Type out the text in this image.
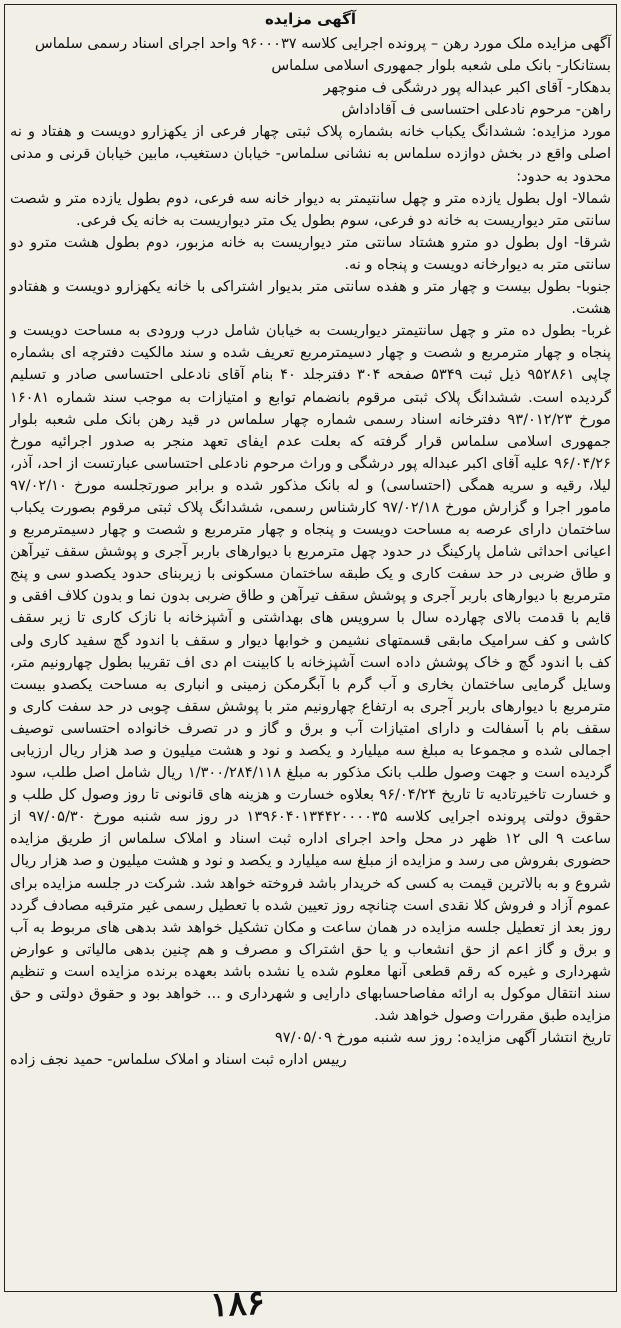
آگهی مزایده

آگهی مزایده ملک مورد رهن – پرونده اجرایی کلاسه ۹۶۰۰۰۳۷ واحد اجرای اسناد رسمی سلماس

بستانکار- بانک ملی شعبه بلوار جمهوری اسلامی سلماس

بدهکار- آقای اکبر عبداله پور درشگی ف منوچهر

راهن- مرحوم نادعلی احتساسی ف آقاداداش

مورد مزایده: ششدانگ یکباب خانه بشماره پلاک ثبتی چهار فرعی از یکهزارو دویست و هفتاد و نه اصلی واقع در بخش دوازده سلماس به نشانی سلماس- خیابان دستغیب، مابین خیابان قرنی و مدنی محدود به حدود:

شمالا- اول بطول یازده متر و چهل سانتیمتر به دیوار خانه سه فرعی، دوم بطول یازده متر و شصت سانتی متر دیواریست به خانه دو فرعی، سوم بطول یک متر دیواریست به خانه یک فرعی.

شرقا- اول بطول دو مترو هشتاد سانتی متر دیواریست به خانه مزبور، دوم بطول هشت مترو دو سانتی متر به دیوارخانه دویست و پنجاه و نه.

جنوبا- بطول بیست و چهار متر و هفده سانتی متر بدیوار اشتراکی با خانه یکهزارو دویست و هفتادو هشت.

غربا- بطول ده متر و چهل سانتیمتر دیواریست به خیابان شامل درب ورودی به مساحت دویست و پنجاه و چهار مترمربع و شصت و چهار دسیمترمربع تعریف شده و سند مالکیت دفترچه ای بشماره چاپی ۹۵۲۸۶۱ ذیل ثبت ۵۳۴۹ صفحه ۳۰۴ دفترجلد ۴۰ بنام آقای نادعلی احتساسی صادر و تسلیم گردیده است. ششدانگ پلاک ثبتی مرقوم بانضمام توابع و امتیازات به موجب سند شماره ۱۶۰۸۱ مورخ ۹۳/۰۱۲/۲۳ دفترخانه اسناد رسمی شماره چهار سلماس در قید رهن بانک ملی شعبه بلوار جمهوری اسلامی سلماس قرار گرفته که بعلت عدم ایفای تعهد منجر به صدور اجرائیه مورخ ۹۶/۰۴/۲۶ علیه آقای اکبر عبداله پور درشگی و وراث مرحوم نادعلی احتساسی عبارتست از احد، آذر، لیلا، رقیه و سریه همگی (احتساسی) و له بانک مذکور شده و برابر صورتجلسه مورخ ۹۷/۰۲/۱۰ مامور اجرا و گزارش مورخ ۹۷/۰۲/۱۸ کارشناس رسمی، ششدانگ پلاک ثبتی مرقوم بصورت یکباب ساختمان دارای عرصه به مساحت دویست و پنجاه و چهار مترمربع و شصت و چهار دسیمترمربع و اعیانی احداثی شامل پارکینگ در حدود چهل مترمربع با دیوارهای باربر آجری و پوشش سقف تیرآهن و طاق ضربی در حد سفت کاری و یک طبقه ساختمان مسکونی با زیربنای حدود یکصدو سی و پنج مترمربع با دیوارهای باربر آجری و پوشش سقف تیرآهن و طاق ضربی بدون نما و بدون کلاف افقی و قایم با قدمت بالای چهارده سال با سرویس های بهداشتی و آشپزخانه با نازک کاری تا زیر سقف کاشی و کف سرامیک مابقی قسمتهای نشیمن و خوابها دیوار و سقف با اندود گچ سفید کاری ولی کف با اندود گچ و خاک پوشش داده است آشپزخانه با کابینت ام دی اف تقریبا بطول چهارونیم متر، وسایل گرمایی ساختمان بخاری و آب گرم با آبگرمکن زمینی و انباری به مساحت یکصدو بیست مترمربع با دیوارهای باربر آجری به ارتفاع چهارونیم متر با پوشش سقف چوبی در حد سفت کاری و سقف بام با آسفالت و دارای امتیازات آب و برق و گاز و در تصرف خانواده احتساسی توصیف اجمالی شده و مجموعا به مبلغ سه میلیارد و یکصد و نود و هشت میلیون و صد هزار ریال ارزیابی گردیده است و جهت وصول طلب بانک مذکور به مبلغ ۱/۳۰۰/۲۸۴/۱۱۸ ریال شامل اصل طلب، سود و خسارت تاخیرتادیه تا تاریخ ۹۶/۰۴/۲۴ بعلاوه خسارت و هزینه های قانونی تا روز وصول کل طلب و حقوق دولتی پرونده اجرایی کلاسه ۱۳۹۶۰۴۰۱۳۴۴۲۰۰۰۰۳۵ در روز سه شنبه مورخ ۹۷/۰۵/۳۰ از ساعت ۹ الی ۱۲ ظهر در محل واحد اجرای اداره ثبت اسناد و املاک سلماس از طریق مزایده حضوری بفروش می رسد و مزایده از مبلغ سه میلیارد و یکصد و نود و هشت میلیون و صد هزار ریال شروع و به بالاترین قیمت به کسی که خریدار باشد فروخته خواهد شد. شرکت در جلسه مزایده برای عموم آزاد و فروش کلا نقدی است چنانچه روز تعیین شده با تعطیل رسمی غیر مترقبه مصادف گردد روز بعد از تعطیل جلسه مزایده در همان ساعت و مکان تشکیل خواهد شد بدهی های مربوط به آب و برق و گاز اعم از حق انشعاب و یا حق اشتراک و مصرف و هم چنین بدهی مالیاتی و عوارض شهرداری و غیره که رقم قطعی آنها معلوم شده یا نشده باشد بعهده برنده مزایده است و تنظیم سند انتقال موکول به ارائه مفاصاحسابهای دارایی و شهرداری و ... خواهد بود و حقوق دولتی و حق مزایده طبق مقررات وصول خواهد شد.

تاریخ انتشار آگهی مزایده: روز سه شنبه مورخ ۹۷/۰۵/۰۹

رییس اداره ثبت اسناد و املاک سلماس- حمید نجف زاده

۱۸۶
